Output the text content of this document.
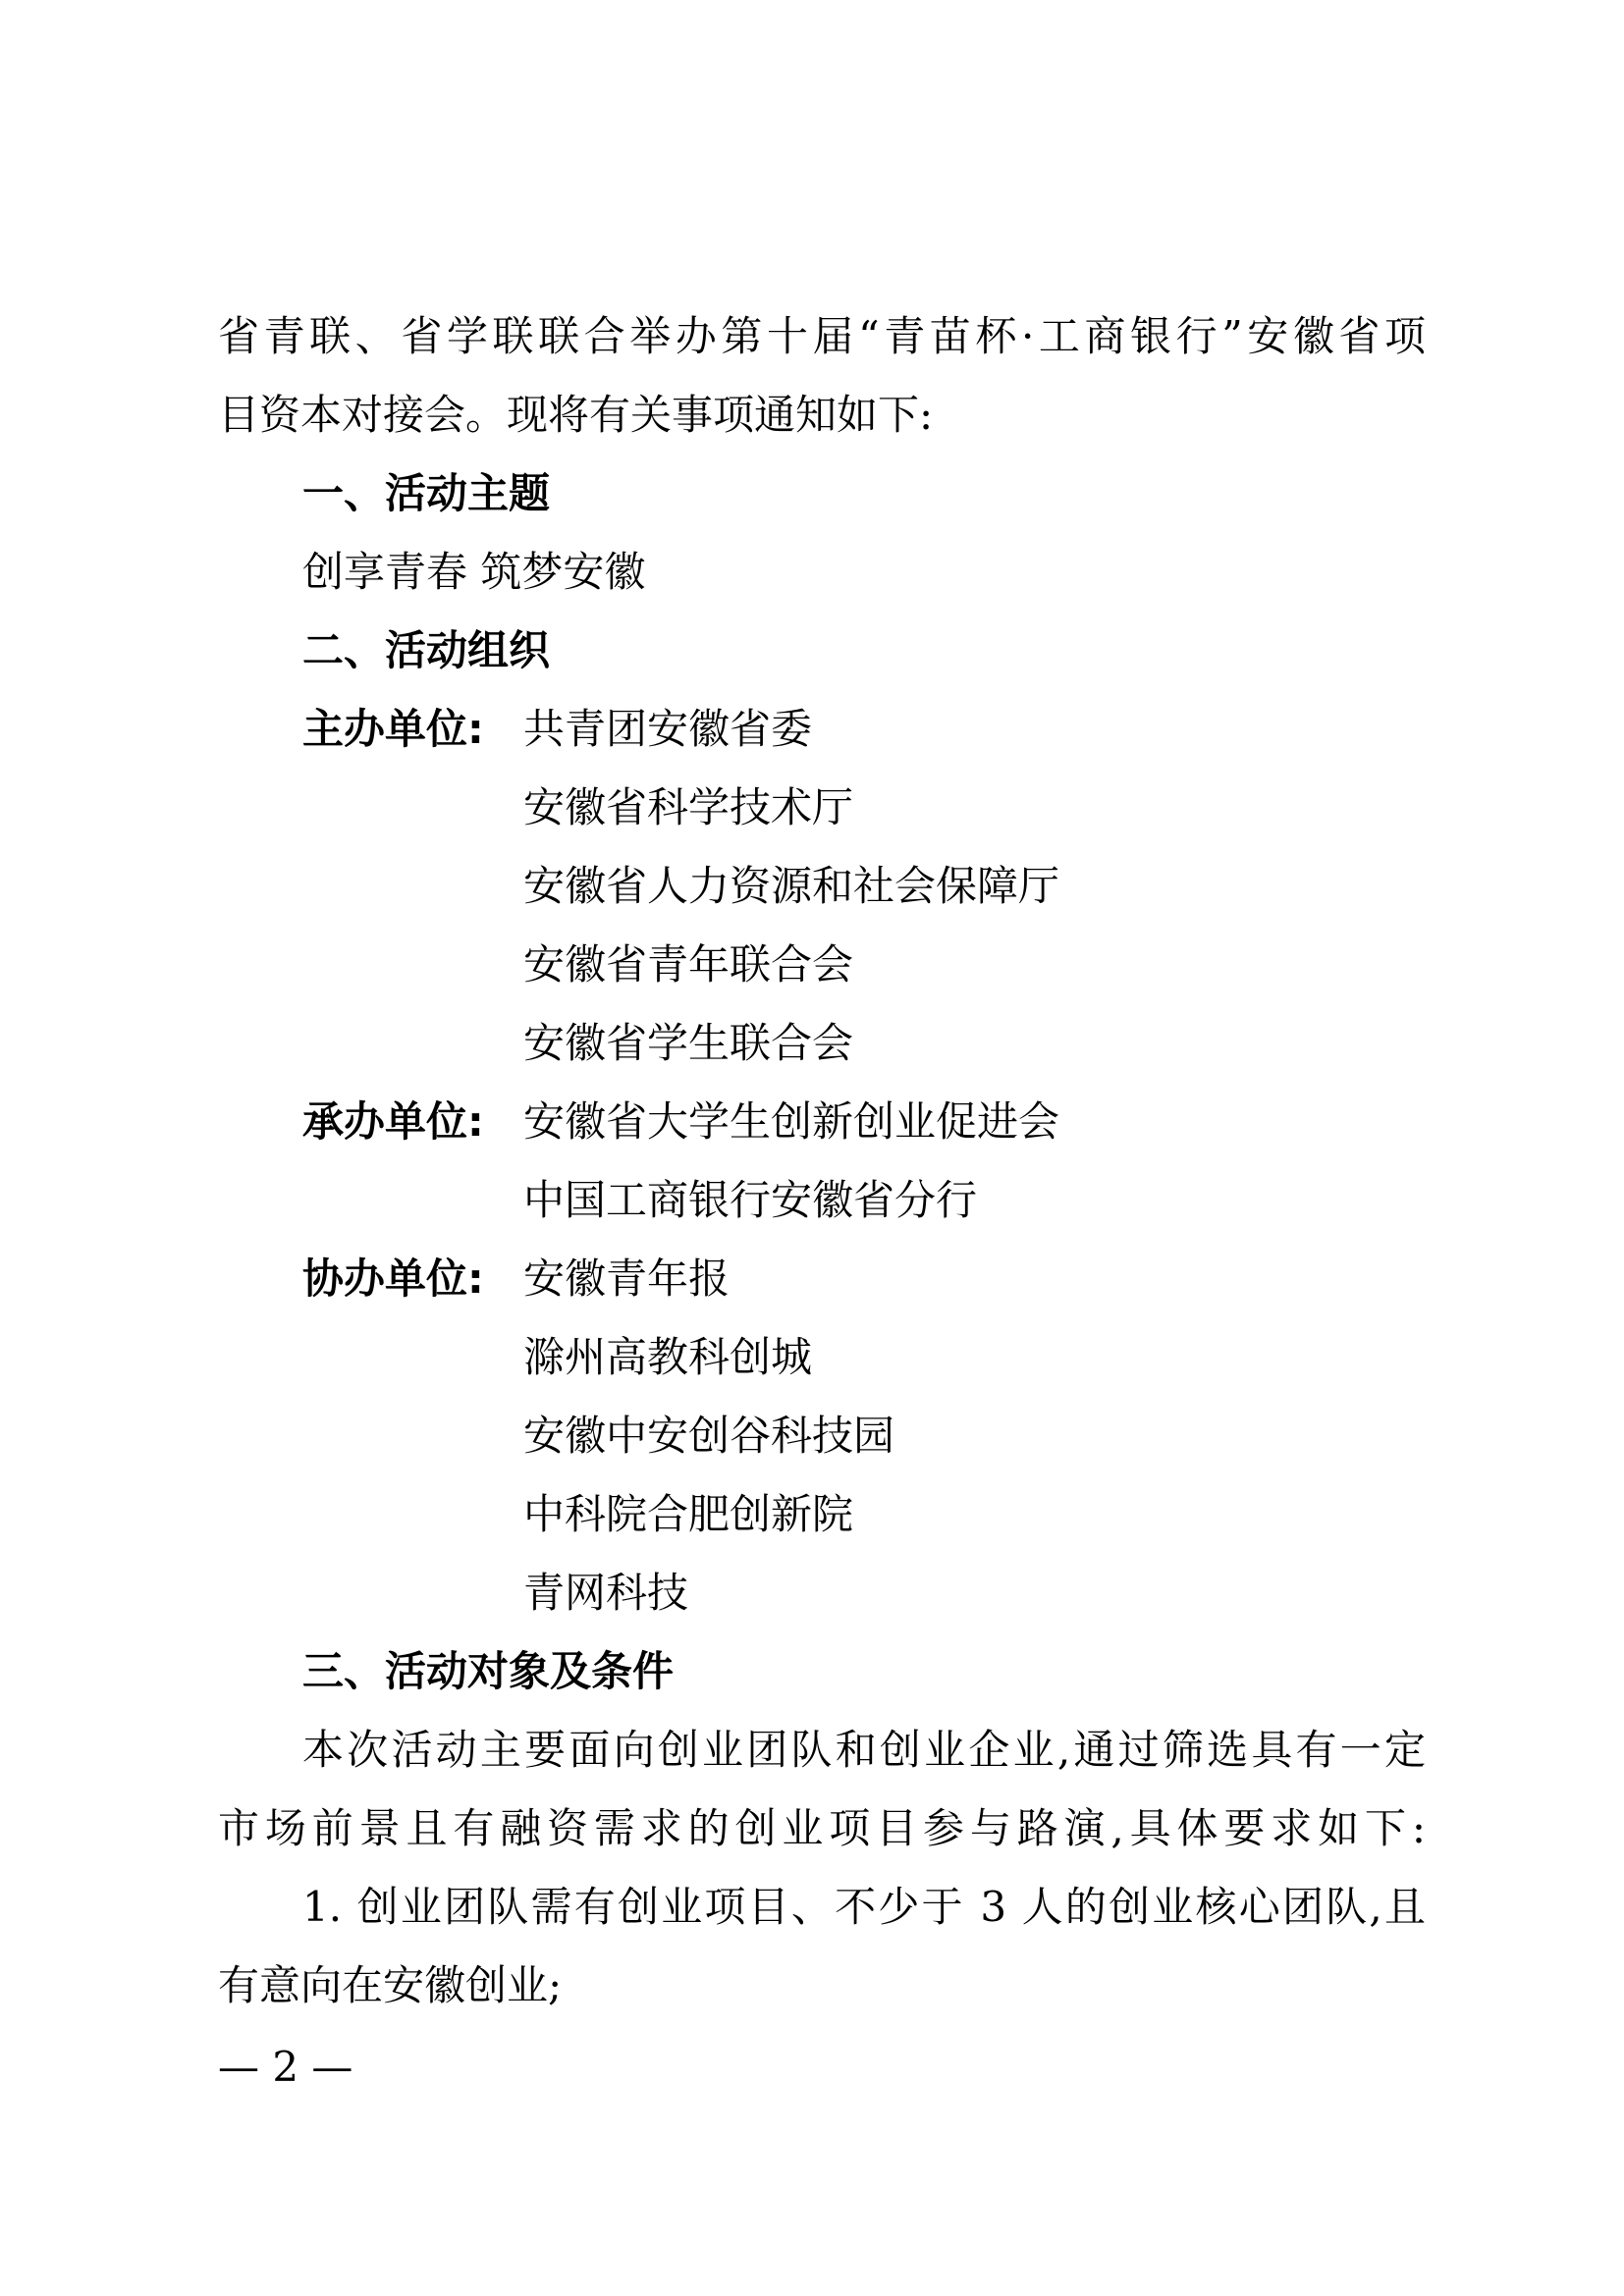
省青联、省学联联合举办第十届“青苗杯·工商银行”安徽省项
目资本对接会。现将有关事项通知如下:
一、活动主题
创享青春 筑梦安徽
二、活动组织
主办单位: 共青团安徽省委
安徽省科学技术厅
安徽省人力资源和社会保障厅
安徽省青年联合会
安徽省学生联合会
承办单位: 安徽省大学生创新创业促进会
中国工商银行安徽省分行
协办单位: 安徽青年报
滁州高教科创城
安徽中安创谷科技园
中科院合肥创新院
青网科技
三、活动对象及条件
本次活动主要面向创业团队和创业企业,通过筛选具有一定
市场前景且有融资需求的创业项目参与路演,具体要求如下:
1. 创业团队需有创业项目、不少于 3 人的创业核心团队,且
有意向在安徽创业;
— 2 —
